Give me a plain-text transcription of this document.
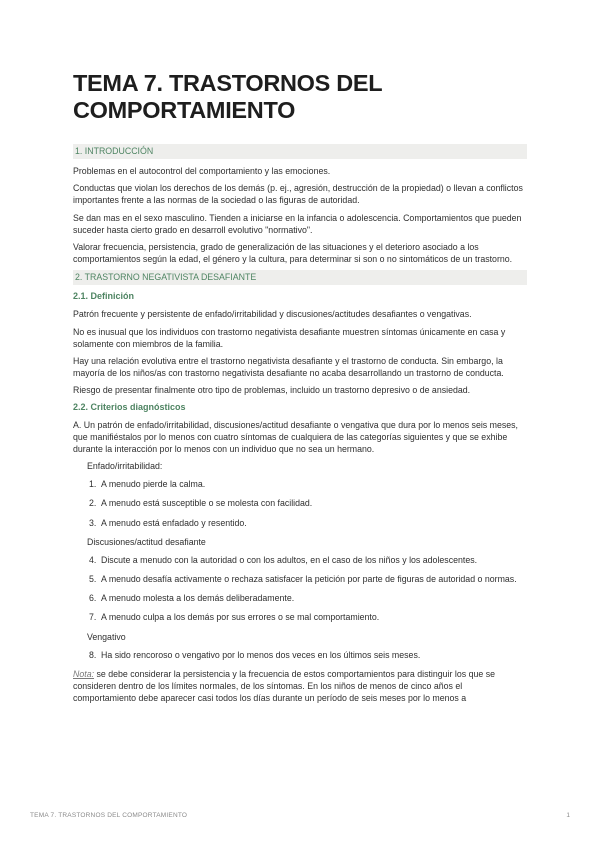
TEMA 7. TRASTORNOS DEL
COMPORTAMIENTO
1. INTRODUCCIÓN

Problemas en el autocontrol del comportamiento y las emociones.

Conductas que violan los derechos de los demás (p. ej., agresión, destrucción de la propiedad) o llevan a conflictos importantes frente a las normas de la sociedad o las figuras de autoridad.

Se dan mas en el sexo masculino. Tienden a iniciarse en la infancia o adolescencia. Comportamientos que pueden suceder hasta cierto grado en desarroll evolutivo "normativo".

Valorar frecuencia, persistencia, grado de generalización de las situaciones y el deterioro asociado a los comportamientos según la edad, el género y la cultura, para determinar si son o no sintomáticos de un trastorno.

2. TRASTORNO NEGATIVISTA DESAFIANTE
2.1. Definición

Patrón frecuente y persistente de enfado/irritabilidad y discusiones/actitudes desafiantes o vengativas.

No es inusual que los individuos con trastorno negativista desafiante muestren síntomas únicamente en casa y solamente con miembros de la familia.

Hay una relación evolutiva entre el trastorno negativista desafiante y el trastorno de conducta. Sin embargo, la mayoría de los niños/as con trastorno negativista desafiante no acaba desarrollando un trastorno de conducta.

Riesgo de presentar finalmente otro tipo de problemas, incluido un trastorno depresivo o de ansiedad.

2.2. Criterios diagnósticos

A. Un patrón de enfado/irritabilidad, discusiones/actitud desafiante o vengativa que dura por lo menos seis meses, que manifiéstalos por lo menos con cuatro síntomas de cualquiera de las categorías siguientes y que se exhibe durante la interacción por lo menos con un individuo que no sea un hermano.

Enfado/irritabilidad:
1. A menudo pierde la calma.
2. A menudo está susceptible o se molesta con facilidad.
3. A menudo está enfadado y resentido.
Discusiones/actitud desafiante
4. Discute a menudo con la autoridad o con los adultos, en el caso de los niños y los adolescentes.
5. A menudo desafía activamente o rechaza satisfacer la petición por parte de figuras de autoridad o normas.
6. A menudo molesta a los demás deliberadamente.
7. A menudo culpa a los demás por sus errores o se mal comportamiento.
Vengativo
8. Ha sido rencoroso o vengativo por lo menos dos veces en los últimos seis meses.

Nota: se debe considerar la persistencia y la frecuencia de estos comportamientos para distinguir los que se consideren dentro de los límites normales, de los síntomas. En los niños de menos de cinco años el comportamiento debe aparecer casi todos los días durante un período de seis meses por lo menos a

TEMA 7. TRASTORNOS DEL COMPORTAMIENTO	1
